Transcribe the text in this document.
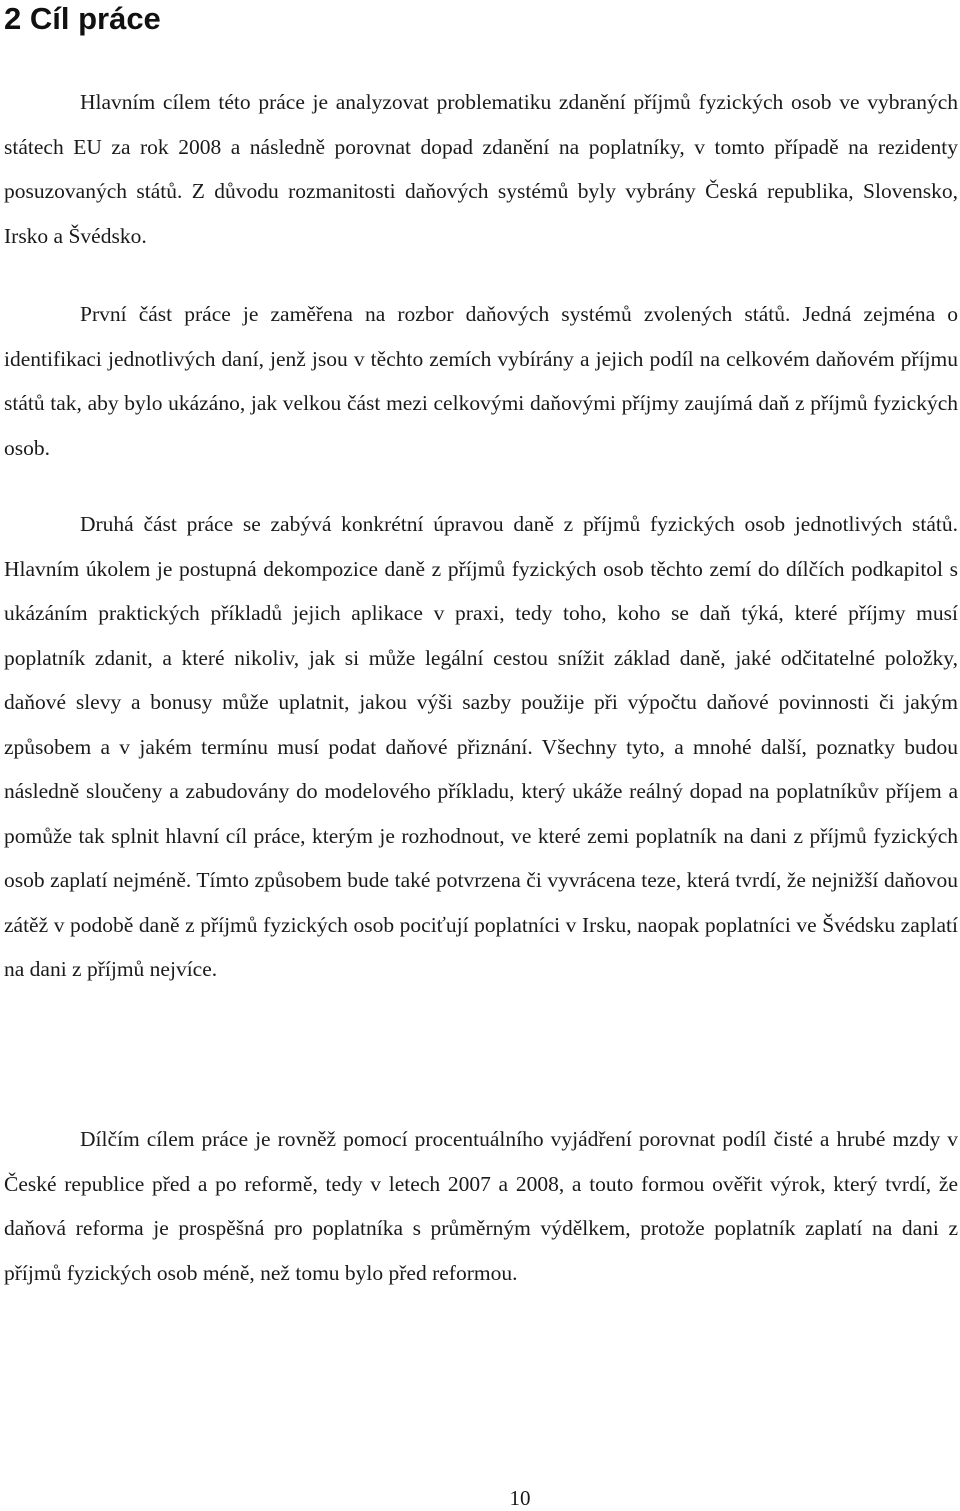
2 Cíl práce

Hlavním cílem této práce je analyzovat problematiku zdanění příjmů fyzických osob ve vybraných státech EU za rok 2008 a následně porovnat dopad zdanění na poplatníky, v tomto případě na rezidenty posuzovaných států. Z důvodu rozmanitosti daňových systémů byly vybrány Česká republika, Slovensko, Irsko a Švédsko.

První část práce je zaměřena na rozbor daňových systémů zvolených států. Jedná zejména o identifikaci jednotlivých daní, jenž jsou v těchto zemích vybírány a jejich podíl na celkovém daňovém příjmu států tak, aby bylo ukázáno, jak velkou část mezi celkovými daňovými příjmy zaujímá daň z příjmů fyzických osob.

Druhá část práce se zabývá konkrétní úpravou daně z příjmů fyzických osob jednotlivých států. Hlavním úkolem je postupná dekompozice daně z příjmů fyzických osob těchto zemí do dílčích podkapitol s ukázáním praktických příkladů jejich aplikace v praxi, tedy toho, koho se daň týká, které příjmy musí poplatník zdanit, a které nikoliv, jak si může legální cestou snížit základ daně, jaké odčitatelné položky, daňové slevy a bonusy může uplatnit, jakou výši sazby použije při výpočtu daňové povinnosti či jakým způsobem a v jakém termínu musí podat daňové přiznání. Všechny tyto, a mnohé další, poznatky budou následně sloučeny a zabudovány do modelového příkladu, který ukáže reálný dopad na poplatníkův příjem a pomůže tak splnit hlavní cíl práce, kterým je rozhodnout, ve které zemi poplatník na dani z příjmů fyzických osob zaplatí nejméně. Tímto způsobem bude také potvrzena či vyvrácena teze, která tvrdí, že nejnižší daňovou zátěž v podobě daně z příjmů fyzických osob pociťují poplatníci v Irsku, naopak poplatníci ve Švédsku zaplatí na dani z příjmů nejvíce.

Dílčím cílem práce je rovněž pomocí procentuálního vyjádření porovnat podíl čisté a hrubé mzdy v České republice před a po reformě, tedy v letech 2007 a 2008, a touto formou ověřit výrok, který tvrdí, že daňová reforma je prospěšná pro poplatníka s průměrným výdělkem, protože poplatník zaplatí na dani z příjmů fyzických osob méně, než tomu bylo před reformou.

10
